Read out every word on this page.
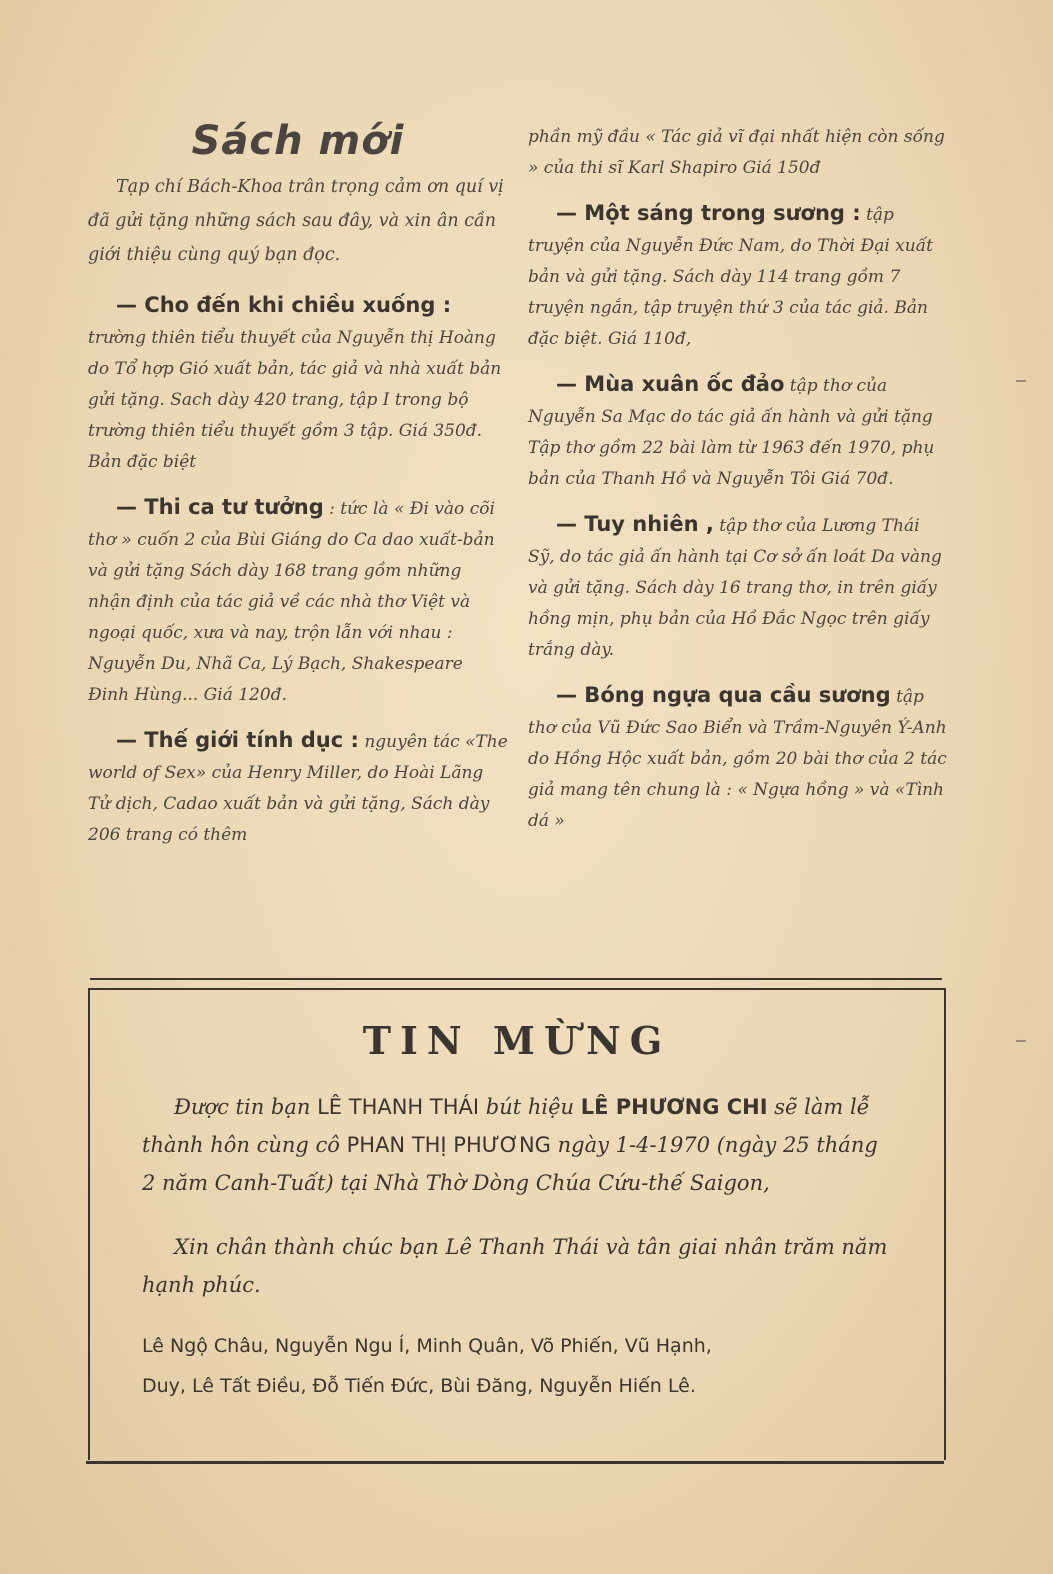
Sách mới

Tạp chí Bách-Khoa trân trọng cảm ơn quí vị đã gửi tặng những sách sau đây, và xin ân cần giới thiệu cùng quý bạn đọc.

— Cho đến khi chiều xuống : trường thiên tiểu thuyết của Nguyễn thị Hoàng do Tổ hợp Gió xuất bản, tác giả và nhà xuất bản gửi tặng. Sach dày 420 trang, tập I trong bộ trường thiên tiểu thuyết gồm 3 tập. Giá 350đ. Bản đặc biệt

— Thi ca tư tưởng : tức là « Đi vào cõi thơ » cuốn 2 của Bùi Giáng do Ca dao xuất-bản và gửi tặng Sách dày 168 trang gồm những nhận định của tác giả về các nhà thơ Việt và ngoại quốc, xưa và nay, trộn lẫn với nhau : Nguyễn Du, Nhã Ca, Lý Bạch, Shakespeare Đinh Hùng... Giá 120đ.

— Thế giới tính dục : nguyên tác «The world of Sex» của Henry Miller, do Hoài Lãng Tử dịch, Cadao xuất bản và gửi tặng, Sách dày 206 trang có thêm

phần mỹ đầu « Tác giả vĩ đại nhất hiện còn sống » của thi sĩ Karl Shapiro Giá 150đ

— Một sáng trong sương : tập truyện của Nguyễn Đức Nam, do Thời Đại xuất bản và gửi tặng. Sách dày 114 trang gồm 7 truyện ngắn, tập truyện thứ 3 của tác giả. Bản đặc biệt. Giá 110đ,

— Mùa xuân ốc đảo tập thơ của Nguyễn Sa Mạc do tác giả ấn hành và gửi tặng Tập thơ gồm 22 bài làm từ 1963 đến 1970, phụ bản của Thanh Hồ và Nguyễn Tôi Giá 70đ.

— Tuy nhiên , tập thơ của Lương Thái Sỹ, do tác giả ấn hành tại Cơ sở ấn loát Da vàng và gửi tặng. Sách dày 16 trang thơ, in trên giấy hồng mịn, phụ bản của Hồ Đắc Ngọc trên giấy trắng dày.

— Bóng ngựa qua cầu sương tập thơ của Vũ Đức Sao Biển và Trầm-Nguyên Ý-Anh do Hồng Hộc xuất bản, gồm 20 bài thơ của 2 tác giả mang tên chung là : « Ngựa hồng » và «Tình dá »

TIN MỪNG

Được tin bạn LÊ THANH THÁI bút hiệu LÊ PHƯƠNG CHI sẽ làm lễ thành hôn cùng cô PHAN THỊ PHƯƠNG ngày 1-4-1970 (ngày 25 tháng 2 năm Canh-Tuất) tại Nhà Thờ Dòng Chúa Cứu-thế Saigon,

Xin chân thành chúc bạn Lê Thanh Thái và tân giai nhân trăm năm hạnh phúc.

Lê Ngộ Châu, Nguyễn Ngu Í, Minh Quân, Võ Phiến, Vũ Hạnh,

Duy, Lê Tất Điều, Đỗ Tiến Đức, Bùi Đăng, Nguyễn Hiến Lê.
